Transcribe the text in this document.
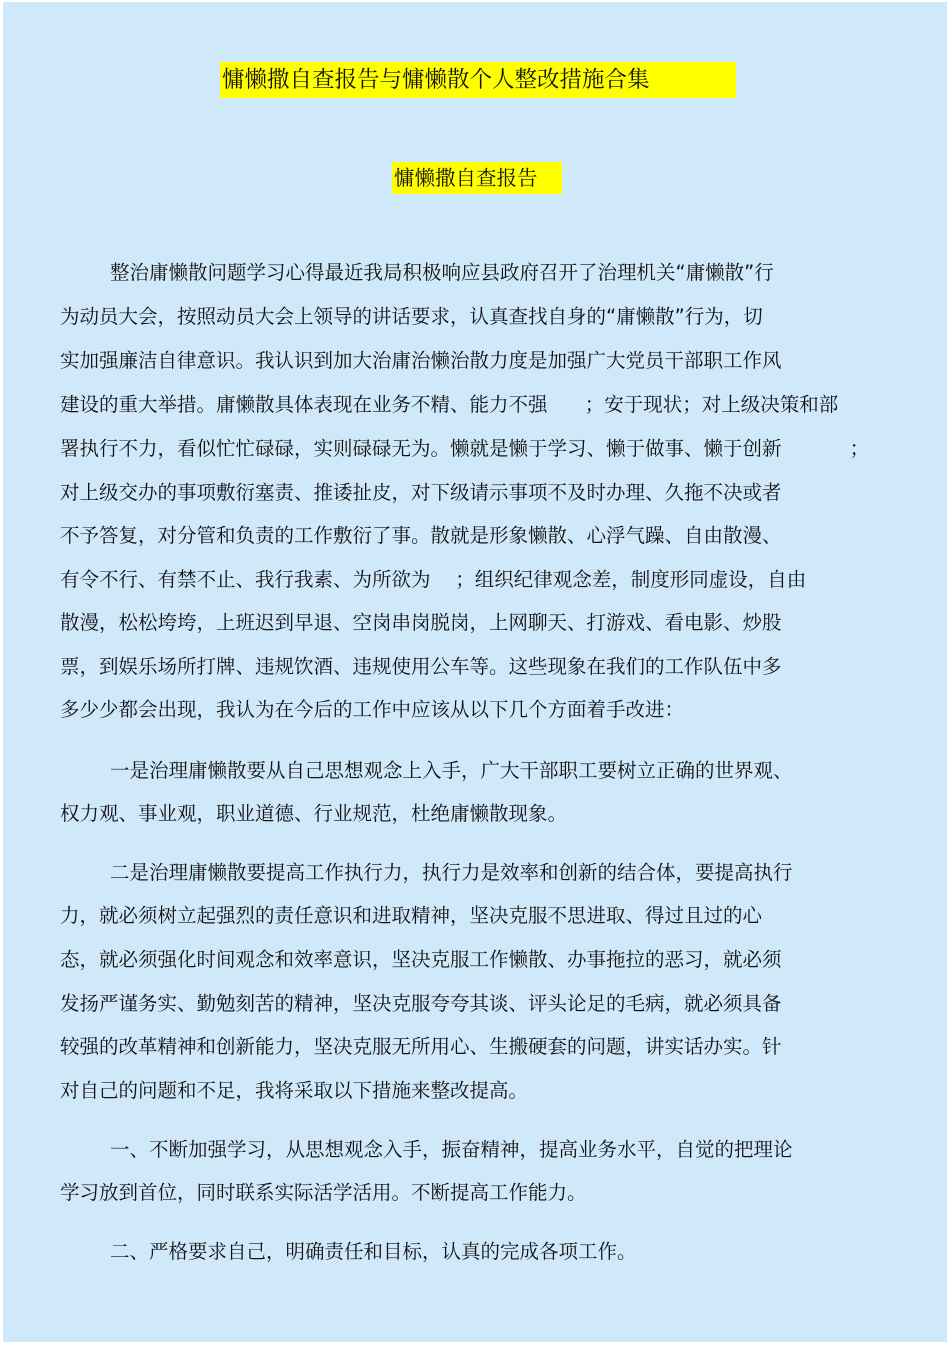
慵懒撒自查报告与慵懒散个人整改措施合集
慵懒撒自查报告
整治庸懒散问题学习心得最近我局积极响应县政府召开了治理机关“庸懒散”行
为动员大会，按照动员大会上领导的讲话要求，认真查找自身的“庸懒散”行为，切
实加强廉洁自律意识。我认识到加大治庸治懒治散力度是加强广大党员干部职工作风
建设的重大举措。庸懒散具体表现在业务不精、能力不强      ；安于现状；对上级决策和部
署执行不力，看似忙忙碌碌，实则碌碌无为。懒就是懒于学习、懒于做事、懒于创新           ；
对上级交办的事项敷衍塞责、推诿扯皮，对下级请示事项不及时办理、久拖不决或者
不予答复，对分管和负责的工作敷衍了事。散就是形象懒散、心浮气躁、自由散漫、
有令不行、有禁不止、我行我素、为所欲为    ；组织纪律观念差，制度形同虚设，自由
散漫，松松垮垮，上班迟到早退、空岗串岗脱岗，上网聊天、打游戏、看电影、炒股
票，到娱乐场所打牌、违规饮酒、违规使用公车等。这些现象在我们的工作队伍中多
多少少都会出现，我认为在今后的工作中应该从以下几个方面着手改进：
一是治理庸懒散要从自己思想观念上入手，广大干部职工要树立正确的世界观、
权力观、事业观，职业道德、行业规范，杜绝庸懒散现象。
二是治理庸懒散要提高工作执行力，执行力是效率和创新的结合体，要提高执行
力，就必须树立起强烈的责任意识和进取精神，坚决克服不思进取、得过且过的心
态，就必须强化时间观念和效率意识，坚决克服工作懒散、办事拖拉的恶习，就必须
发扬严谨务实、勤勉刻苦的精神，坚决克服夸夸其谈、评头论足的毛病，就必须具备
较强的改革精神和创新能力，坚决克服无所用心、生搬硬套的问题，讲实话办实。针
对自己的问题和不足，我将采取以下措施来整改提高。
一、不断加强学习，从思想观念入手，振奋精神，提高业务水平，自觉的把理论
学习放到首位，同时联系实际活学活用。不断提高工作能力。
二、严格要求自己，明确责任和目标，认真的完成各项工作。
